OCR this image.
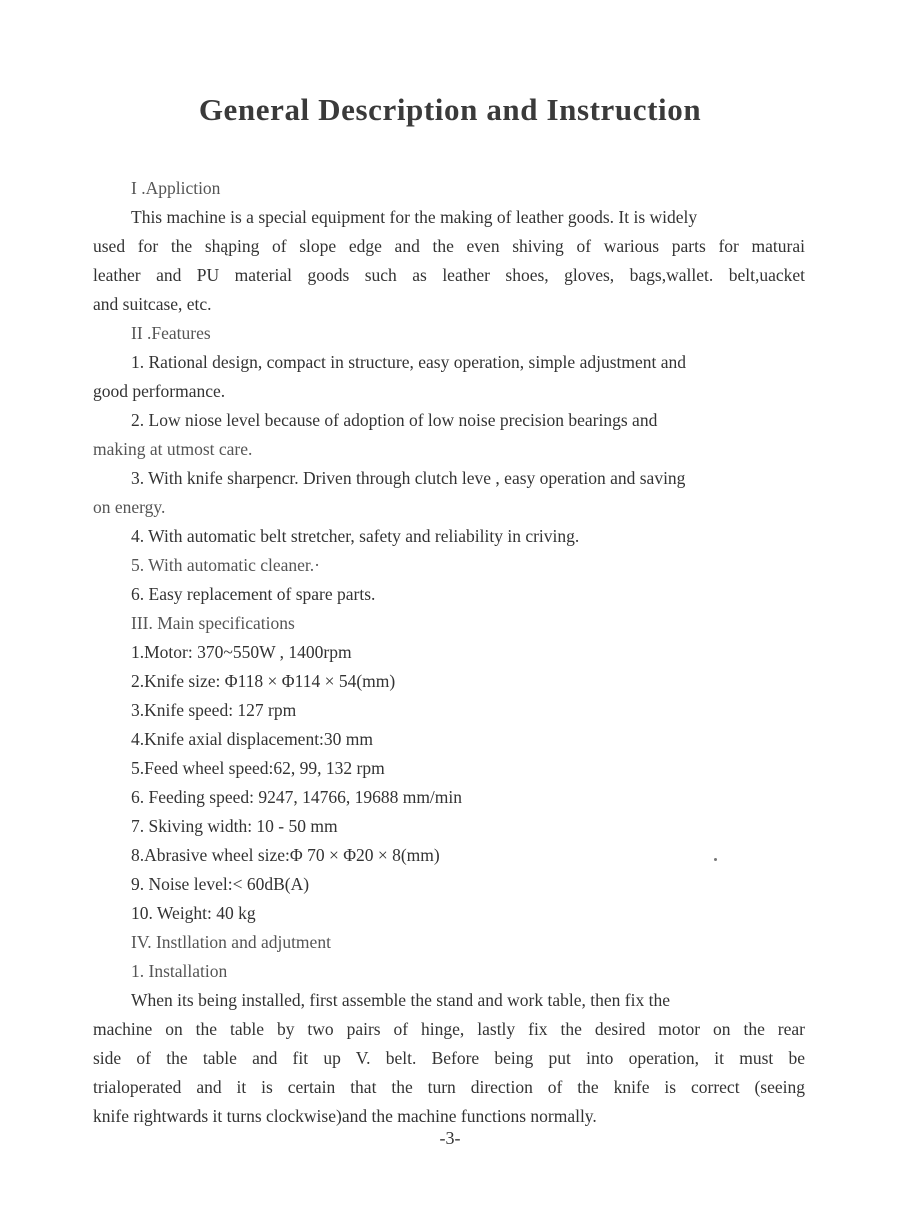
General Description and Instruction
I .Appliction
This machine is a special equipment for the making of leather goods. It is widely
used for the shąping of slope edge and the even shiving of warious parts for maturai
leather and PU material goods such as leather shoes, gloves, bags,wallet. belt,uacket
and suitcase, etc.
II .Features
1. Rational design, compact in structure, easy operation, simple adjustment and
good performance.
2. Low niose level because of adoption of low noise precision bearings and
making at utmost care.
3. With knife sharpencr. Driven through clutch leve , easy operation and saving
on energy.
4. With automatic belt stretcher, safety and reliability in criving.
5. With automatic cleaner.·
6. Easy replacement of spare parts.
III. Main specifications
1.Motor: 370~550W , 1400rpm
2.Knife size: Φ118 × Φ114 × 54(mm)
3.Knife speed: 127 rpm
4.Knife axial displacement:30 mm
5.Feed wheel speed:62, 99, 132 rpm
6. Feeding speed: 9247, 14766, 19688 mm/min
7. Skiving width: 10 - 50 mm
8.Abrasive wheel size:Φ 70 × Φ20 × 8(mm)
9. Noise level:< 60dB(A)
10. Weight: 40 kg
IV. Instllation and adjutment
1. Installation
When its being installed, first assemble the stand and work table, then fix the
machine on the table by two pairs of hinge, lastly fix the desired motor on the rear
side of the table and fit up V. belt. Before being put into operation, it must be
trialoperated and it is certain that the turn direction of the knife is correct (seeing
knife rightwards it turns clockwise)and the machine functions normally.
-3-
